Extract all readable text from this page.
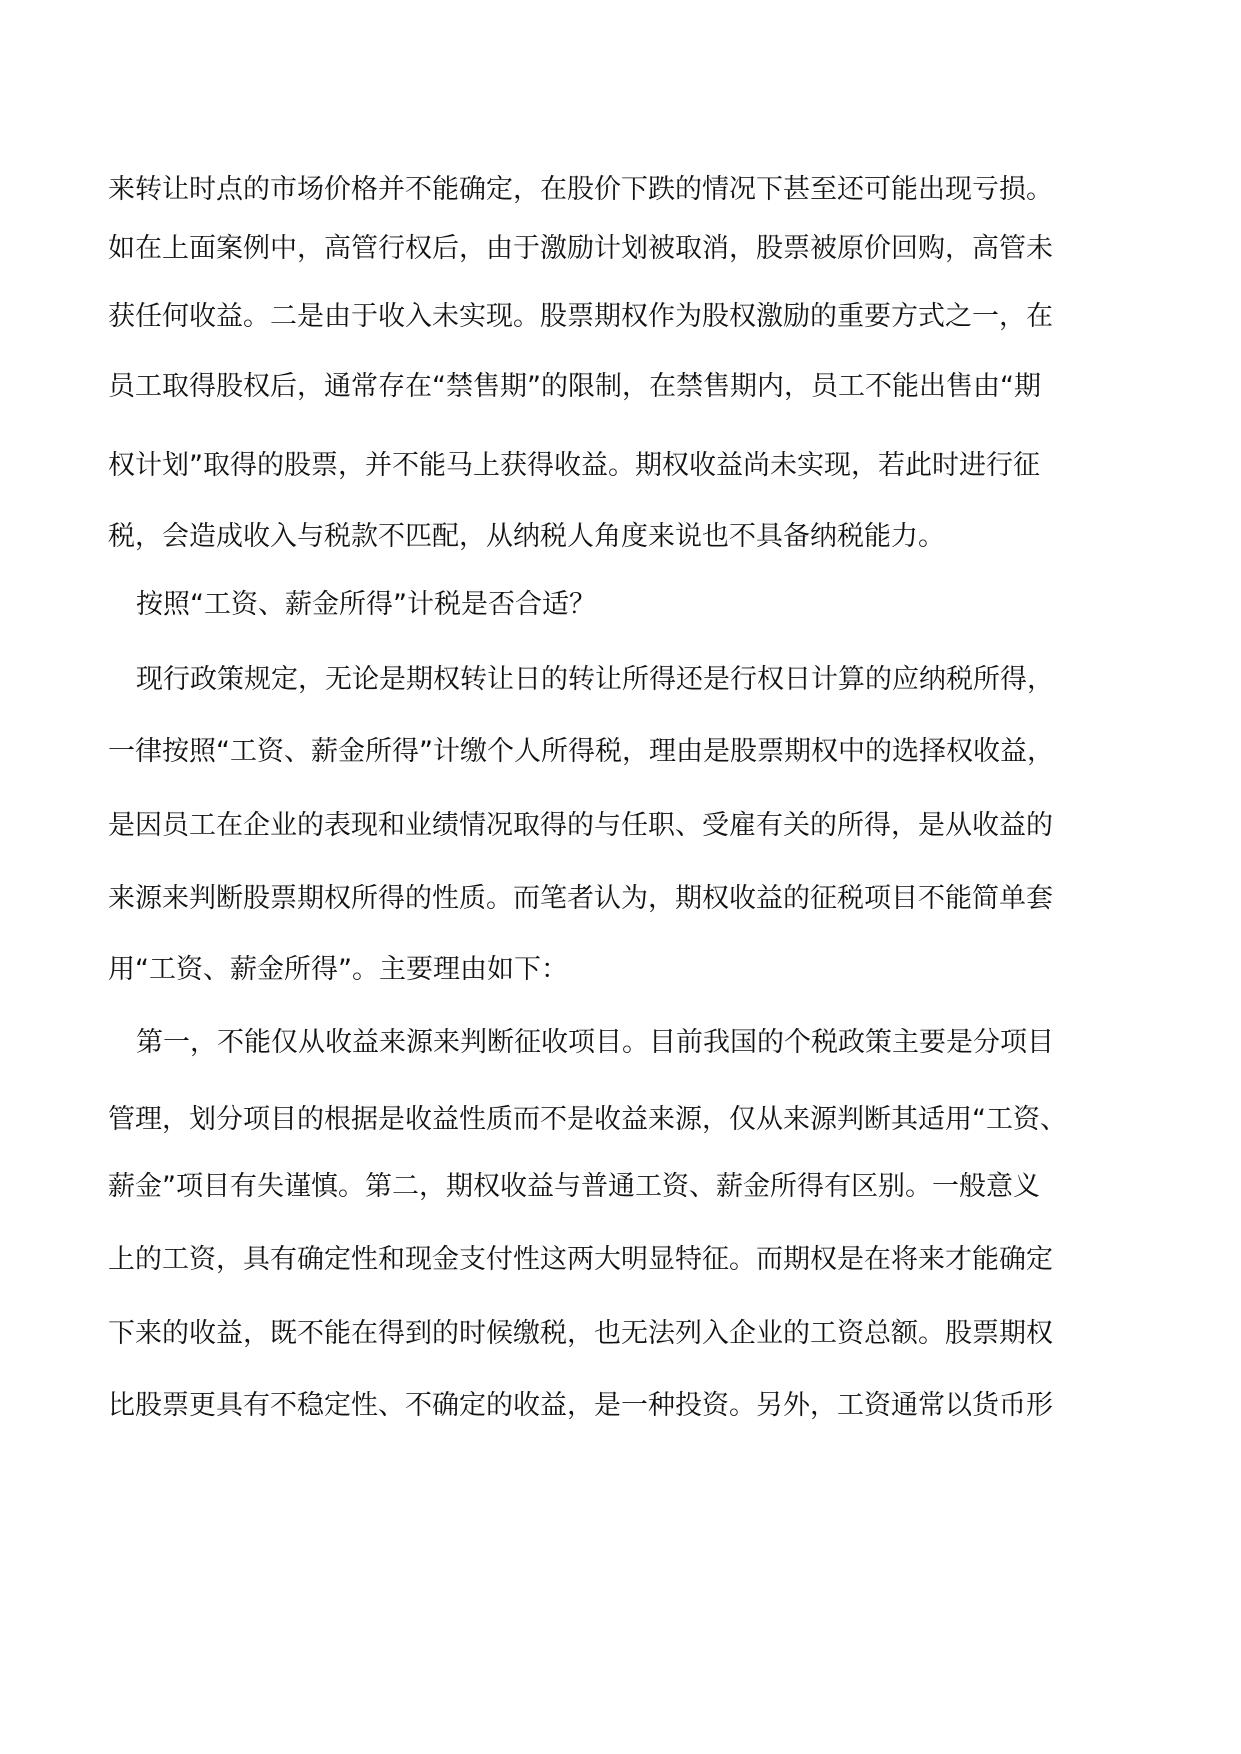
来转让时点的市场价格并不能确定，在股价下跌的情况下甚至还可能出现亏损。
如在上面案例中，高管行权后，由于激励计划被取消，股票被原价回购，高管未
获任何收益。二是由于收入未实现。股票期权作为股权激励的重要方式之一，在
员工取得股权后，通常存在“禁售期”的限制，在禁售期内，员工不能出售由“期
权计划”取得的股票，并不能马上获得收益。期权收益尚未实现，若此时进行征
税，会造成收入与税款不匹配，从纳税人角度来说也不具备纳税能力。
按照“工资、薪金所得”计税是否合适？
现行政策规定，无论是期权转让日的转让所得还是行权日计算的应纳税所得，
一律按照“工资、薪金所得”计缴个人所得税，理由是股票期权中的选择权收益，
是因员工在企业的表现和业绩情况取得的与任职、受雇有关的所得，是从收益的
来源来判断股票期权所得的性质。而笔者认为，期权收益的征税项目不能简单套
用“工资、薪金所得”。主要理由如下：
第一，不能仅从收益来源来判断征收项目。目前我国的个税政策主要是分项目
管理，划分项目的根据是收益性质而不是收益来源，仅从来源判断其适用“工资、
薪金”项目有失谨慎。第二，期权收益与普通工资、薪金所得有区别。一般意义
上的工资，具有确定性和现金支付性这两大明显特征。而期权是在将来才能确定
下来的收益，既不能在得到的时候缴税，也无法列入企业的工资总额。股票期权
比股票更具有不稳定性、不确定的收益，是一种投资。另外，工资通常以货币形
